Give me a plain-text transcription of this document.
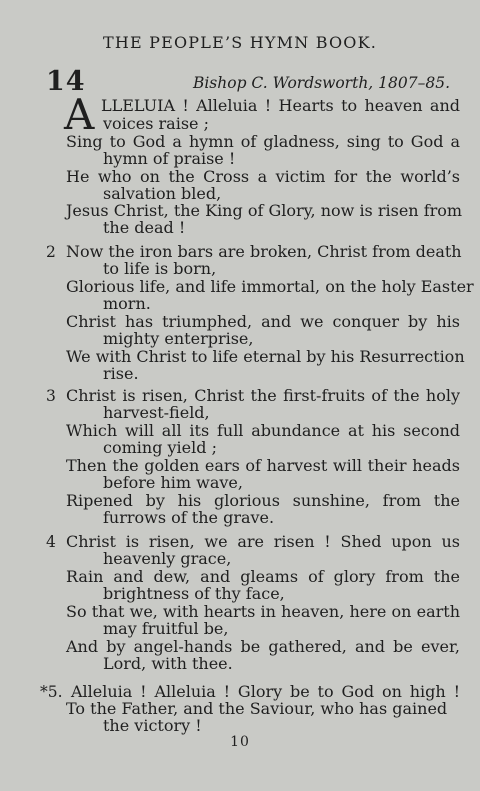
THE PEOPLE’S HYMN BOOK.
14	Bishop C. Wordsworth, 1807–85.
A LLELUIA ! Alleluia ! Hearts to heaven and
voices raise ;
Sing to God a hymn of gladness, sing to God a
hymn of praise !
He who on the Cross a victim for the world’s
salvation bled,
Jesus Christ, the King of Glory, now is risen from
the dead !
2 Now the iron bars are broken, Christ from death
to life is born,
Glorious life, and life immortal, on the holy Easter
morn.
Christ has triumphed, and we conquer by his
mighty enterprise,
We with Christ to life eternal by his Resurrection
rise.
3 Christ is risen, Christ the first-fruits of the holy
harvest-field,
Which will all its full abundance at his second
coming yield ;
Then the golden ears of harvest will their heads
before him wave,
Ripened by his glorious sunshine, from the
furrows of the grave.
4 Christ is risen, we are risen ! Shed upon us
heavenly grace,
Rain and dew, and gleams of glory from the
brightness of thy face,
So that we, with hearts in heaven, here on earth
may fruitful be,
And by angel-hands be gathered, and be ever,
Lord, with thee.
*5. Alleluia ! Alleluia ! Glory be to God on high !
To the Father, and the Saviour, who has gained
the victory !
10
